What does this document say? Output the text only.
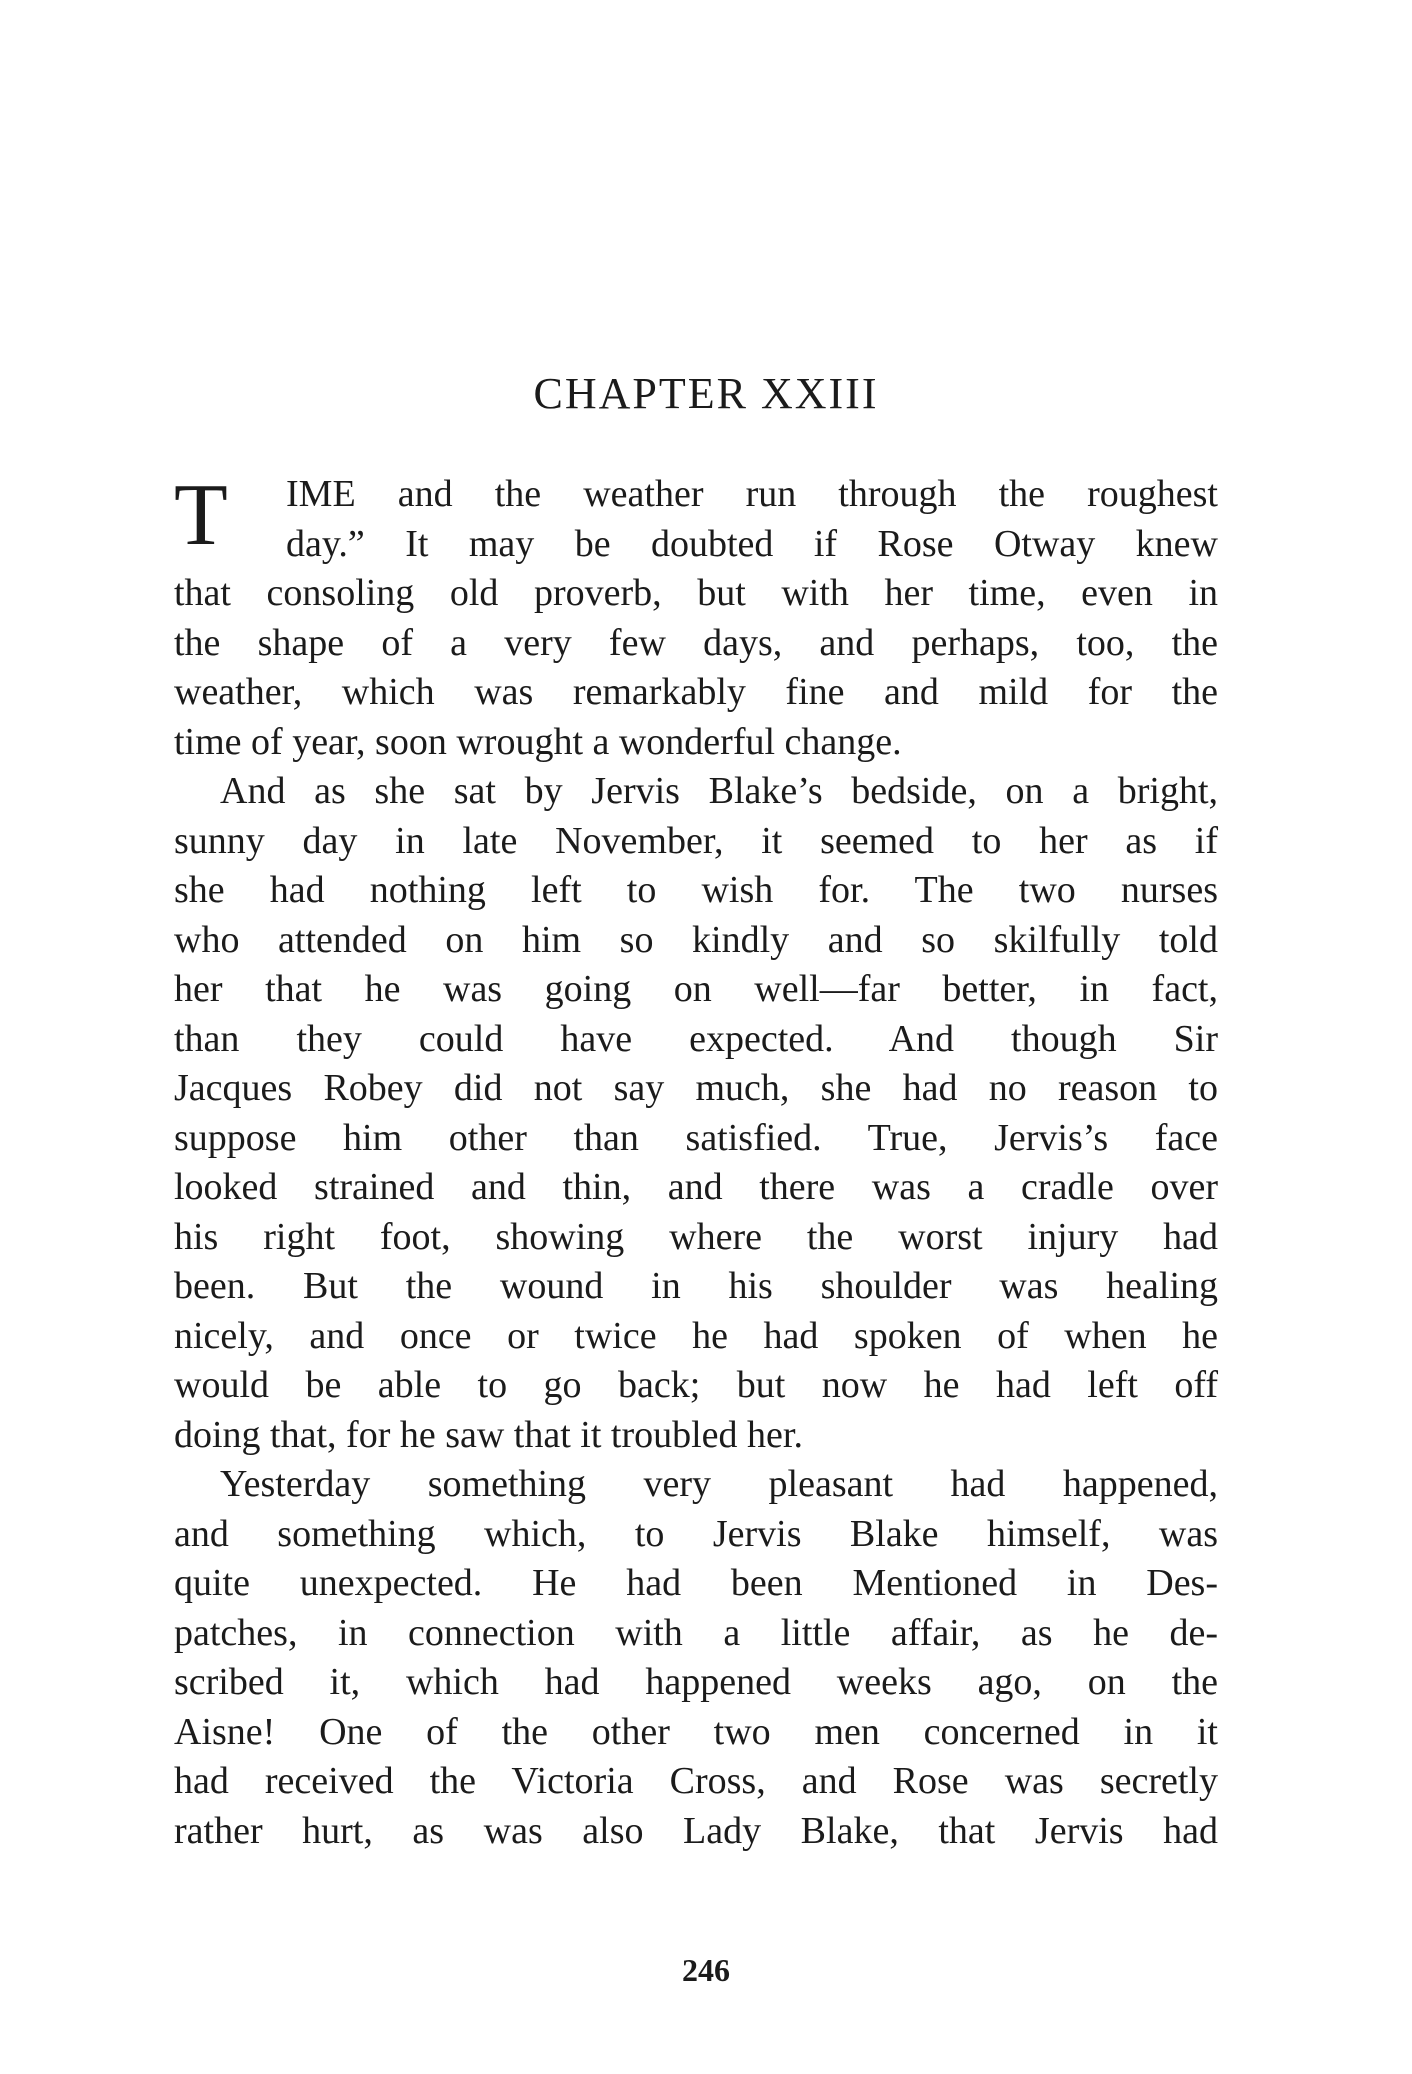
CHAPTER XXIII
T	IME and the weather run through the roughest
day.” It may be doubted if Rose Otway knew
that consoling old proverb, but with her time, even in
the shape of a very few days, and perhaps, too, the
weather, which was remarkably fine and mild for the
time of year, soon wrought a wonderful change.
And as she sat by Jervis Blake’s bedside, on a bright,
sunny day in late November, it seemed to her as if
she had nothing left to wish for. The two nurses
who attended on him so kindly and so skilfully told
her that he was going on well—far better, in fact,
than they could have expected. And though Sir
Jacques Robey did not say much, she had no reason to
suppose him other than satisfied. True, Jervis’s face
looked strained and thin, and there was a cradle over
his right foot, showing where the worst injury had
been. But the wound in his shoulder was healing
nicely, and once or twice he had spoken of when he
would be able to go back; but now he had left off
doing that, for he saw that it troubled her.
Yesterday something very pleasant had happened,
and something which, to Jervis Blake himself, was
quite unexpected. He had been Mentioned in Des-
patches, in connection with a little affair, as he de-
scribed it, which had happened weeks ago, on the
Aisne! One of the other two men concerned in it
had received the Victoria Cross, and Rose was secretly
rather hurt, as was also Lady Blake, that Jervis had
246
